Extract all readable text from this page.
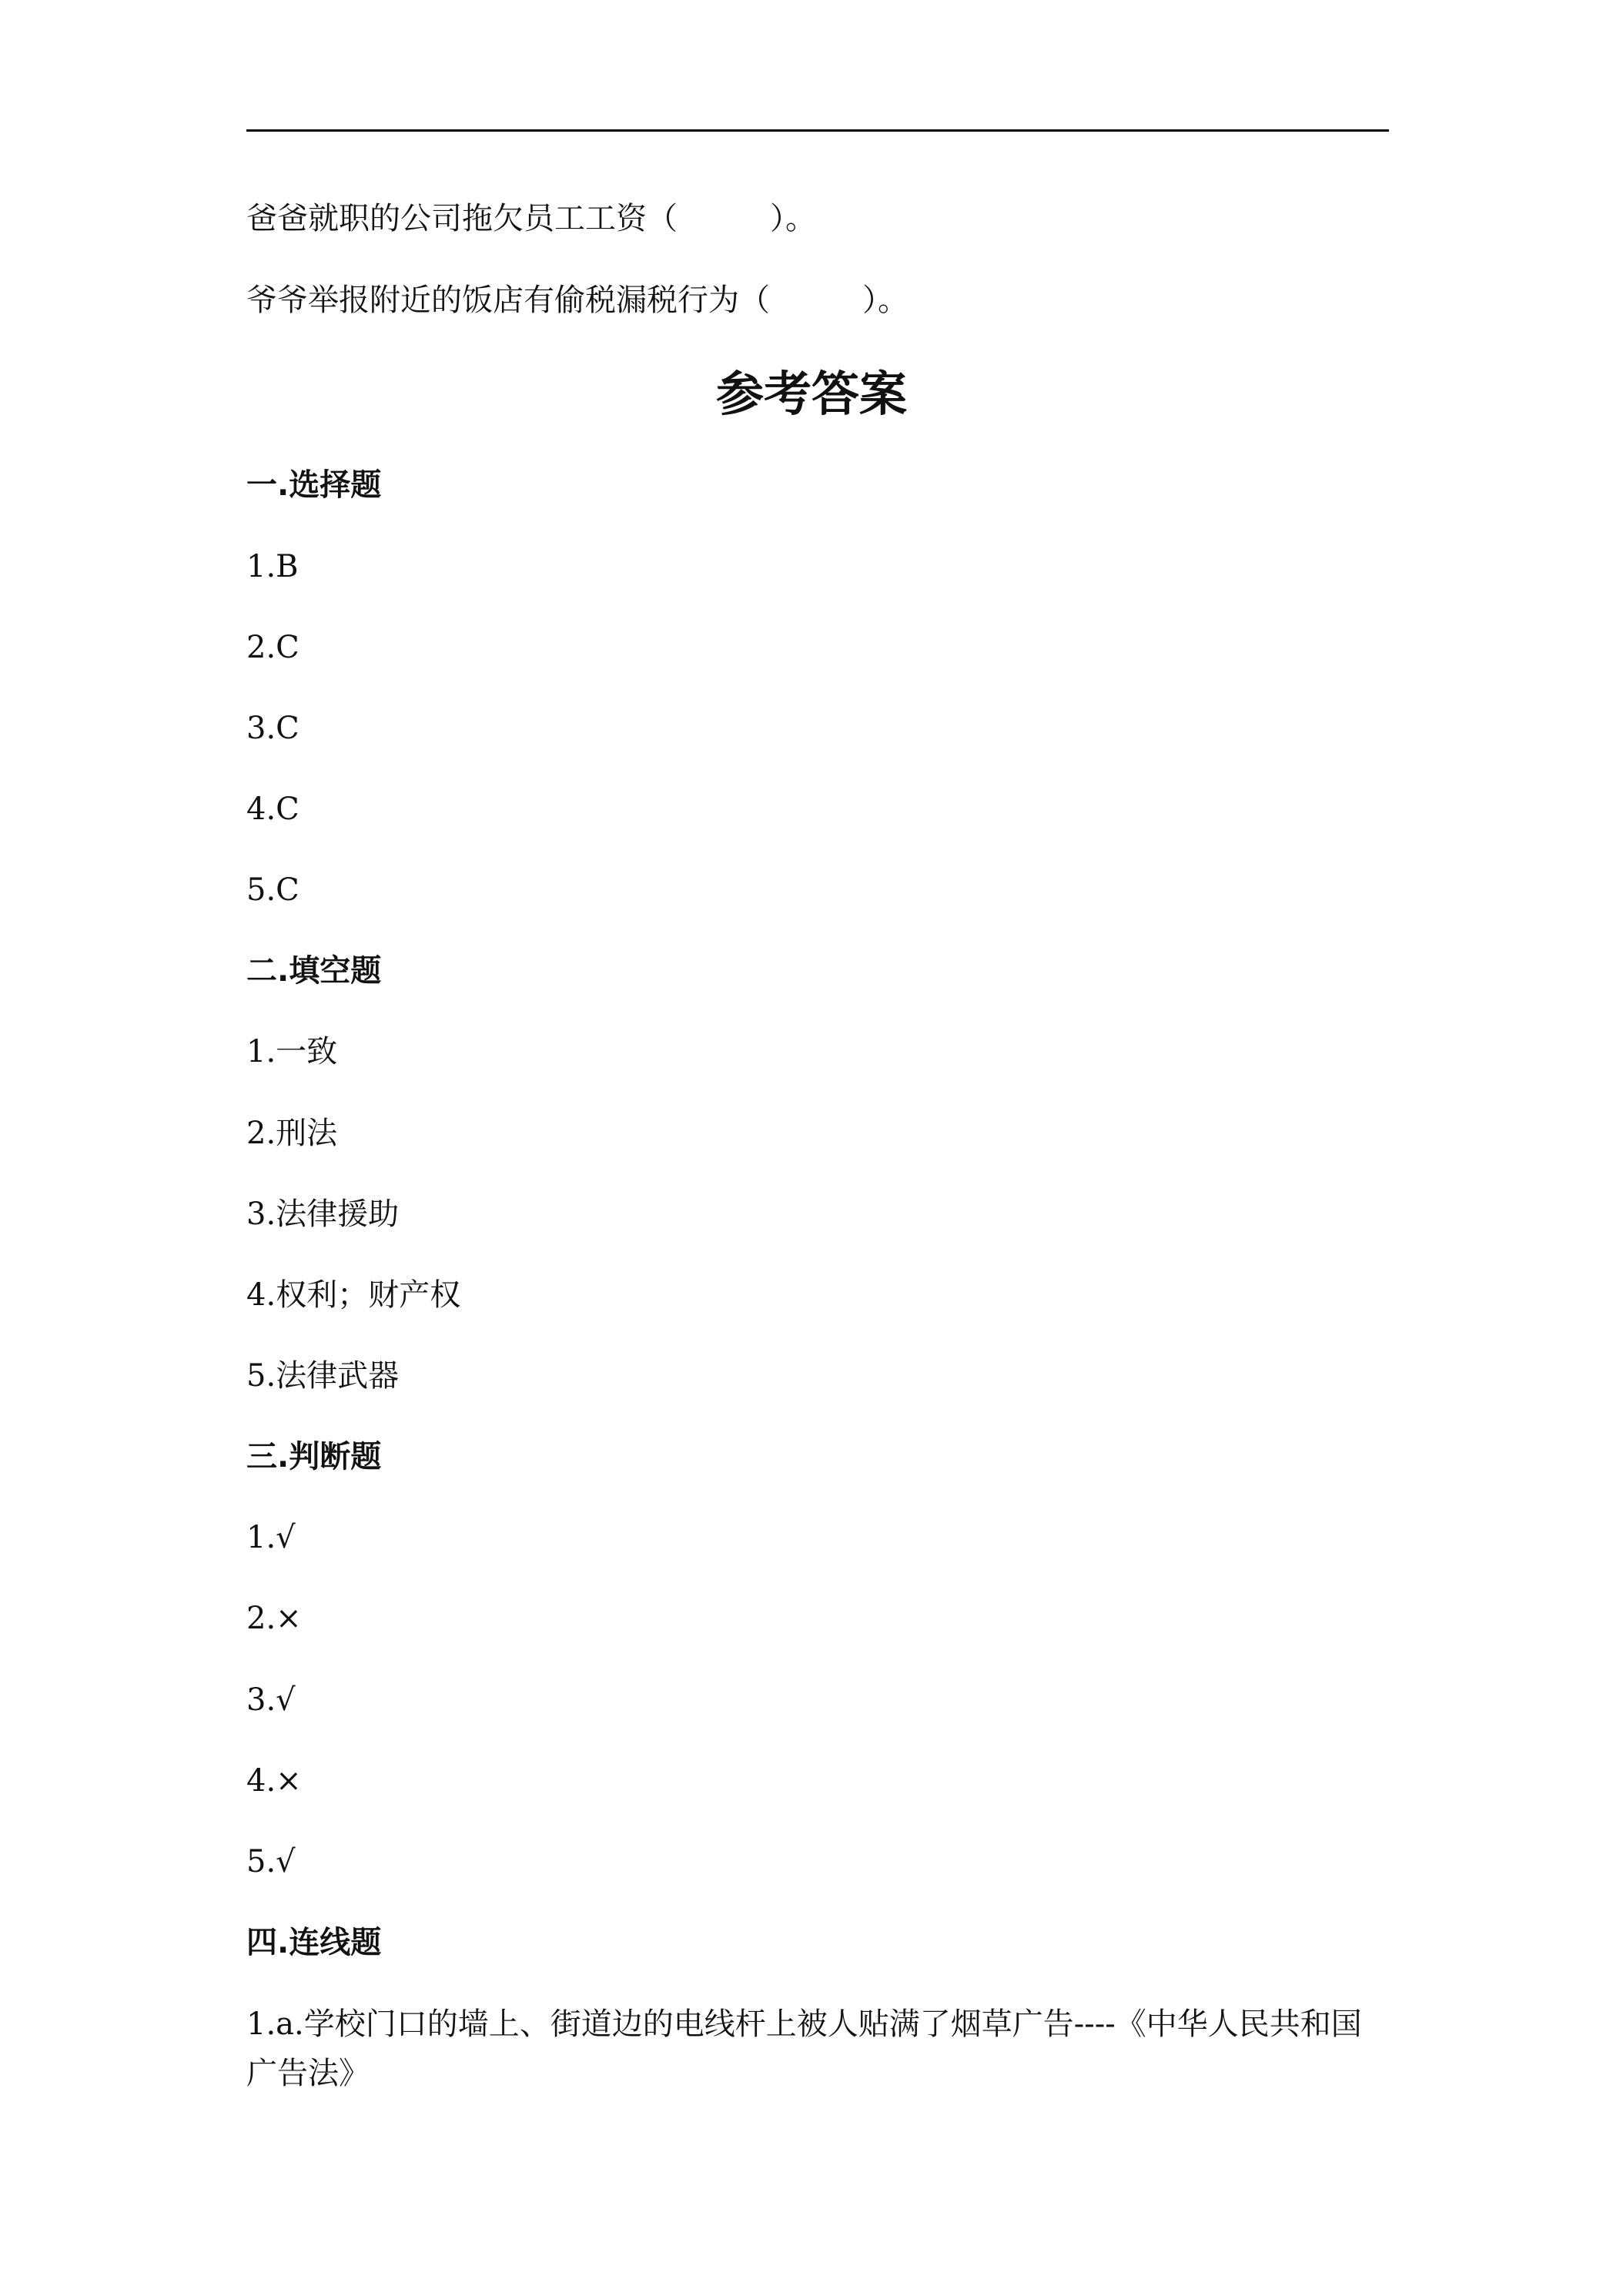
爸爸就职的公司拖欠员工工资（　　　）。

爷爷举报附近的饭店有偷税漏税行为（　　　）。

参考答案

一.选择题

1.B

2.C

3.C

4.C

5.C

二.填空题

1.一致

2.刑法

3.法律援助

4.权利；财产权

5.法律武器

三.判断题

1.√

2.×

3.√

4.×

5.√

四.连线题

1.a.学校门口的墙上、街道边的电线杆上被人贴满了烟草广告----《中华人民共和国广告法》
